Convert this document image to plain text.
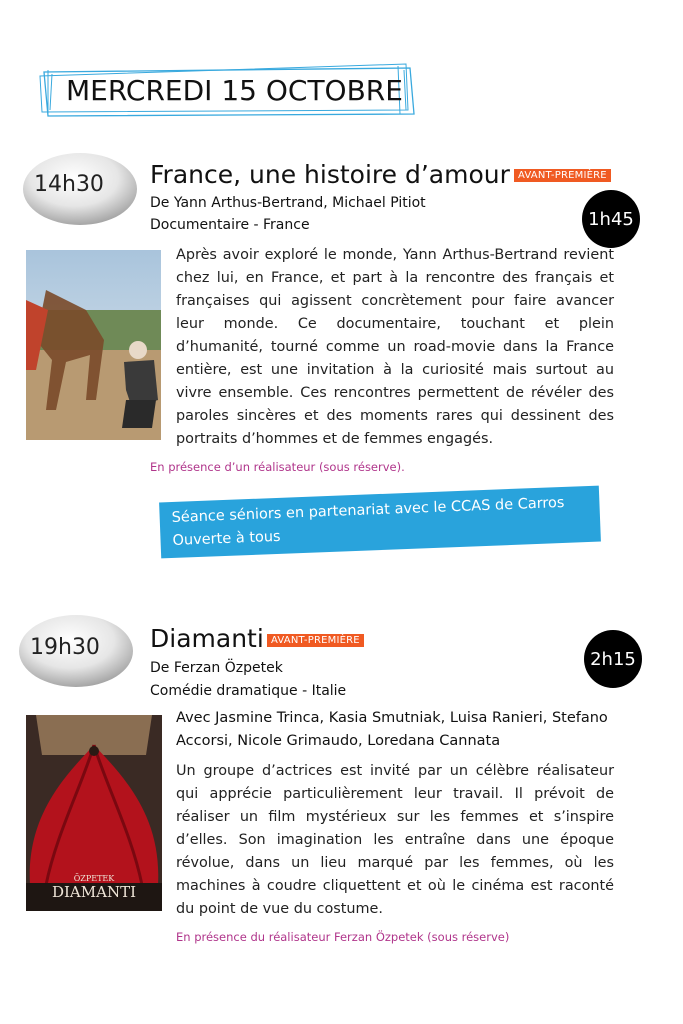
MERCREDI 15 OCTOBRE
14h30 France, une histoire d’amour AVANT-PREMIÈRE
De Yann Arthus-Bertrand, Michael Pitiot
Documentaire - France	1h45
Après avoir exploré le monde, Yann Arthus-Bertrand revient chez lui, en France, et part à la rencontre des français et françaises qui agissent concrètement pour faire avancer leur monde. Ce documentaire, touchant et plein d’humanité, tourné comme un road-movie dans la France entière, est une invitation à la curiosité mais surtout au vivre ensemble. Ces rencontres permettent de révéler des paroles sincères et des moments rares qui dessinent des portraits d’hommes et de femmes engagés.
En présence d’un réalisateur (sous réserve).
Séance séniors en partenariat avec le CCAS de Carros
Ouverte à tous
19h30 Diamanti AVANT-PREMIÈRE
De Ferzan Özpetek
Comédie dramatique - Italie
2h15
ÖZPETEK
DIAMANTI
Avec Jasmine Trinca, Kasia Smutniak, Luisa Ranieri, Stefano Accorsi, Nicole Grimaudo, Loredana Cannata
Un groupe d’actrices est invité par un célèbre réalisateur qui apprécie particulièrement leur travail. Il prévoit de réaliser un film mystérieux sur les femmes et s’inspire d’elles. Son imagination les entraîne dans une époque révolue, dans un lieu marqué par les femmes, où les machines à coudre cliquettent et où le cinéma est raconté du point de vue du costume.
En présence du réalisateur Ferzan Özpetek (sous réserve)
